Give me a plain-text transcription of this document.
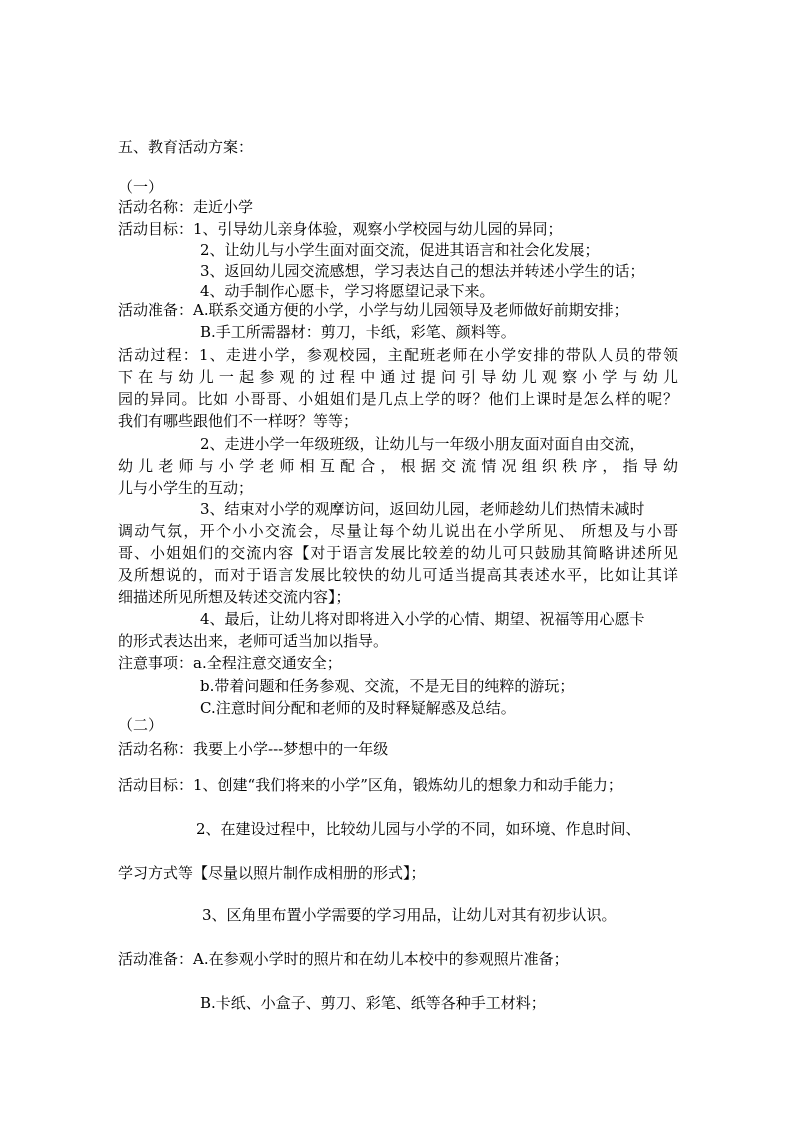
五、教育活动方案：
（一）
活动名称：走近小学
活动目标：1、引导幼儿亲身体验，观察小学校园与幼儿园的异同；
2、让幼儿与小学生面对面交流，促进其语言和社会化发展；
3、返回幼儿园交流感想，学习表达自己的想法并转述小学生的话；
4、动手制作心愿卡，学习将愿望记录下来。
活动准备：A.联系交通方便的小学，小学与幼儿园领导及老师做好前期安排；
B.手工所需器材：剪刀，卡纸，彩笔、颜料等。
活动过程：1、走进小学，参观校园，主配班老师在小学安排的带队人员的带领
下在与幼儿一起参观的过程中通过提问引导幼儿观察小学与幼儿
园的异同。比如 小哥哥、小姐姐们是几点上学的呀？他们上课时是怎么样的呢？
我们有哪些跟他们不一样呀？等等；
2、走进小学一年级班级，让幼儿与一年级小朋友面对面自由交流，
幼儿老师与小学老师相互配合，根据交流情况组织秩序，指导幼
儿与小学生的互动；
3、结束对小学的观摩访问，返回幼儿园，老师趁幼儿们热情未减时
调动气氛，开个小小交流会，尽量让每个幼儿说出在小学所见、 所想及与小哥
哥、小姐姐们的交流内容【对于语言发展比较差的幼儿可只鼓励其简略讲述所见
及所想说的，而对于语言发展比较快的幼儿可适当提高其表述水平，比如让其详
细描述所见所想及转述交流内容】；
4、最后，让幼儿将对即将进入小学的心情、期望、祝福等用心愿卡
的形式表达出来，老师可适当加以指导。
注意事项：a.全程注意交通安全；
b.带着问题和任务参观、交流，不是无目的纯粹的游玩；
C.注意时间分配和老师的及时释疑解惑及总结。
（二）
活动名称：我要上小学---梦想中的一年级
活动目标：1、创建“我们将来的小学”区角，锻炼幼儿的想象力和动手能力；
2、在建设过程中，比较幼儿园与小学的不同，如环境、作息时间、
学习方式等【尽量以照片制作成相册的形式】；
3、区角里布置小学需要的学习用品，让幼儿对其有初步认识。
活动准备：A.在参观小学时的照片和在幼儿本校中的参观照片准备；
B.卡纸、小盒子、剪刀、彩笔、纸等各种手工材料；
